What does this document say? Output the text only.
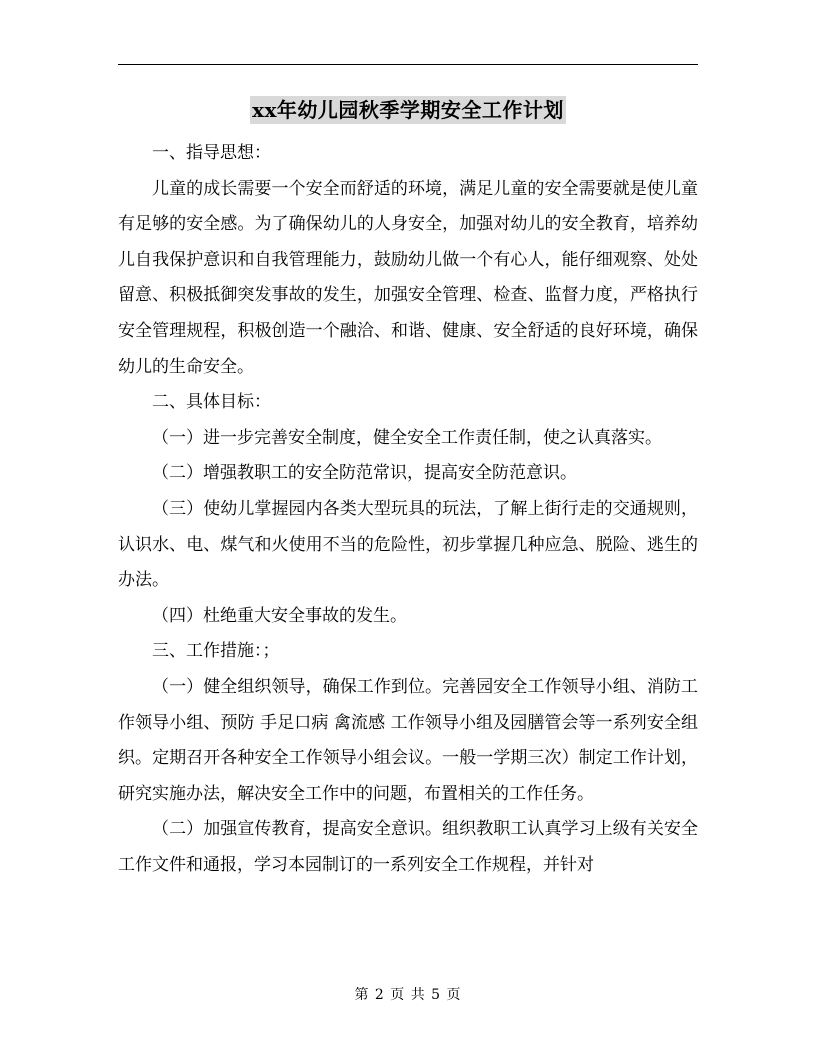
xx年幼儿园秋季学期安全工作计划

一、指导思想：

儿童的成长需要一个安全而舒适的环境，满足儿童的安全需要就是使儿童有足够的安全感。为了确保幼儿的人身安全，加强对幼儿的安全教育，培养幼儿自我保护意识和自我管理能力，鼓励幼儿做一个有心人，能仔细观察、处处留意、积极抵御突发事故的发生，加强安全管理、检查、监督力度，严格执行安全管理规程，积极创造一个融洽、和谐、健康、安全舒适的良好环境，确保幼儿的生命安全。

二、具体目标：

（一）进一步完善安全制度，健全安全工作责任制，使之认真落实。

（二）增强教职工的安全防范常识，提高安全防范意识。

（三）使幼儿掌握园内各类大型玩具的玩法，了解上街行走的交通规则，认识水、电、煤气和火使用不当的危险性，初步掌握几种应急、脱险、逃生的办法。

（四）杜绝重大安全事故的发生。

三、工作措施：；

（一）健全组织领导，确保工作到位。完善园安全工作领导小组、消防工作领导小组、预防 手足口病 禽流感 工作领导小组及园膳管会等一系列安全组织。定期召开各种安全工作领导小组会议。一般一学期三次）制定工作计划，研究实施办法，解决安全工作中的问题，布置相关的工作任务。

（二）加强宣传教育，提高安全意识。组织教职工认真学习上级有关安全工作文件和通报，学习本园制订的一系列安全工作规程，并针对

第 2 页 共 5 页
